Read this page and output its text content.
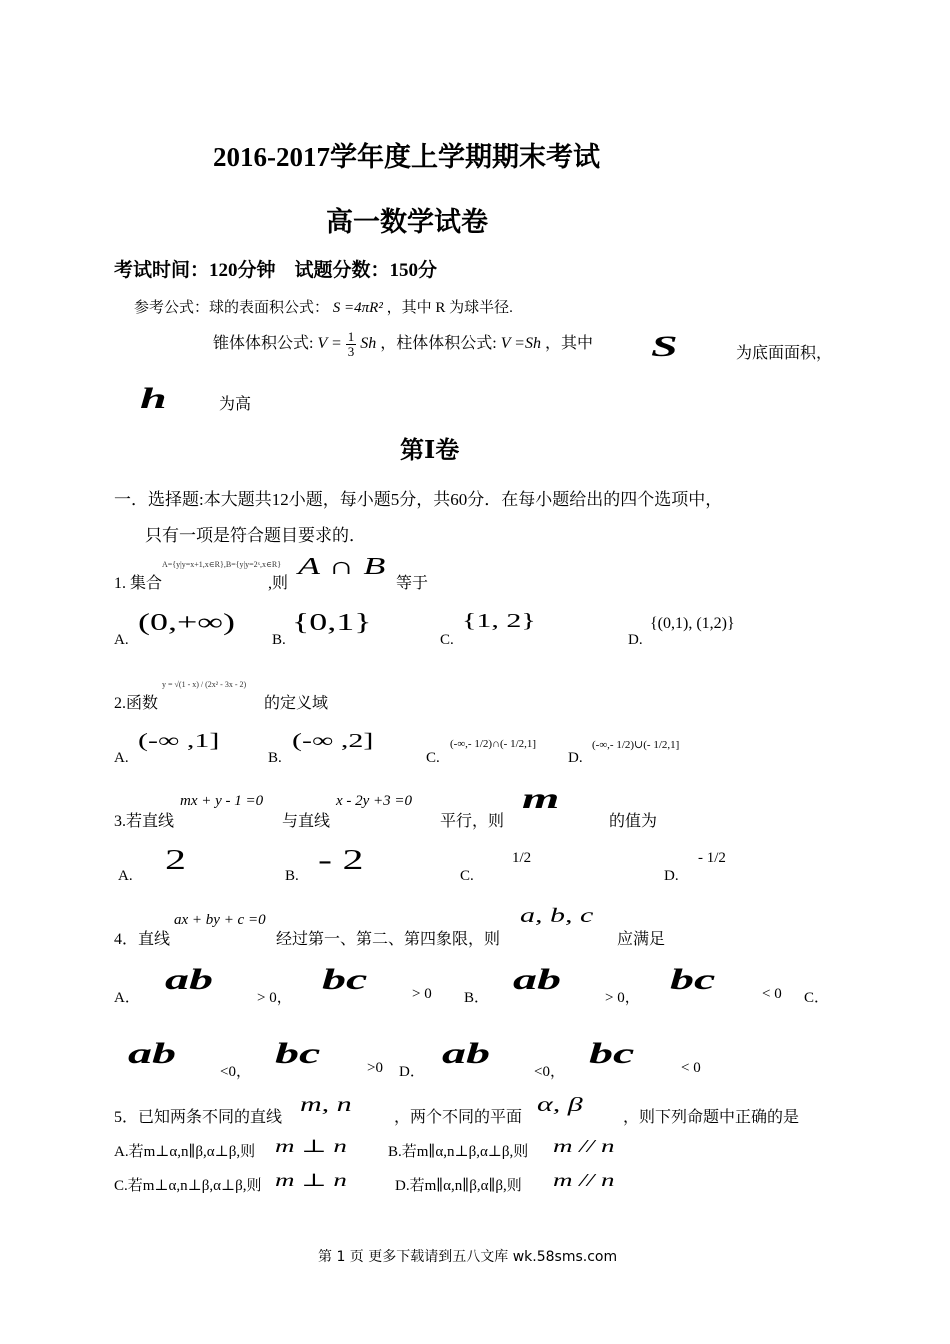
2016-2017学年度上学期期末考试
高一数学试卷
考试时间：120分钟    试题分数：150分
参考公式：球的表面积公式： S =4πR² ，其中 R 为球半径.
锥体体积公式: $V = \frac{1}{3}$ Sh ，柱体体积公式: V =Sh ，其中 S	为底面面积，
h	为高
第Ⅰ卷
一．选择题:本大题共12小题，每小题5分，共60分．在每小题给出的四个选项中，
只有一项是符合题目要求的．
1. 集合
A={y|y=x+1,x∈R},B={y|y=2ˣ,x∈R}
,则
A ∩ B
等于
A.
(0,+∞)
B.
{0,1}
C.
{1, 2}
D.
{(0,1), (1,2)}
2.函数
y = √(1 - x) / (2x² - 3x - 2)
的定义域
A.
(-∞ ,1]
B.
(-∞ ,2]
C.
(-∞,- 1/2)∩(- 1/2,1]
D.
(-∞,- 1/2)∪(- 1/2,1]
3.若直线
mx + y - 1 =0
与直线
x - 2y +3 =0
平行，则
m
的值为
A. 2	B. - 2	C.
1/2
D.
- 1/2
4．直线
ax + by + c =0
经过第一、第二、第四象限，则
a, b, c
应满足
A．
ab
> 0，
bc	> 0 B．
ab
> 0，
bc	< 0 C．
ab
<0，
bc	>0 D．
ab
<0，
bc	< 0
5．已知两条不同的直线
m, n
，两个不同的平面
α, β
，则下列命题中正确的是
A.若m⊥α,n∥β,α⊥β,则 m ⊥ n	B.若m∥α,n⊥β,α⊥β,则 m // n
C.若m⊥α,n⊥β,α⊥β,则 m ⊥ n	D.若m∥α,n∥β,α∥β,则 m // n
第 1 页 更多下载请到五八文库 wk.58sms.com
